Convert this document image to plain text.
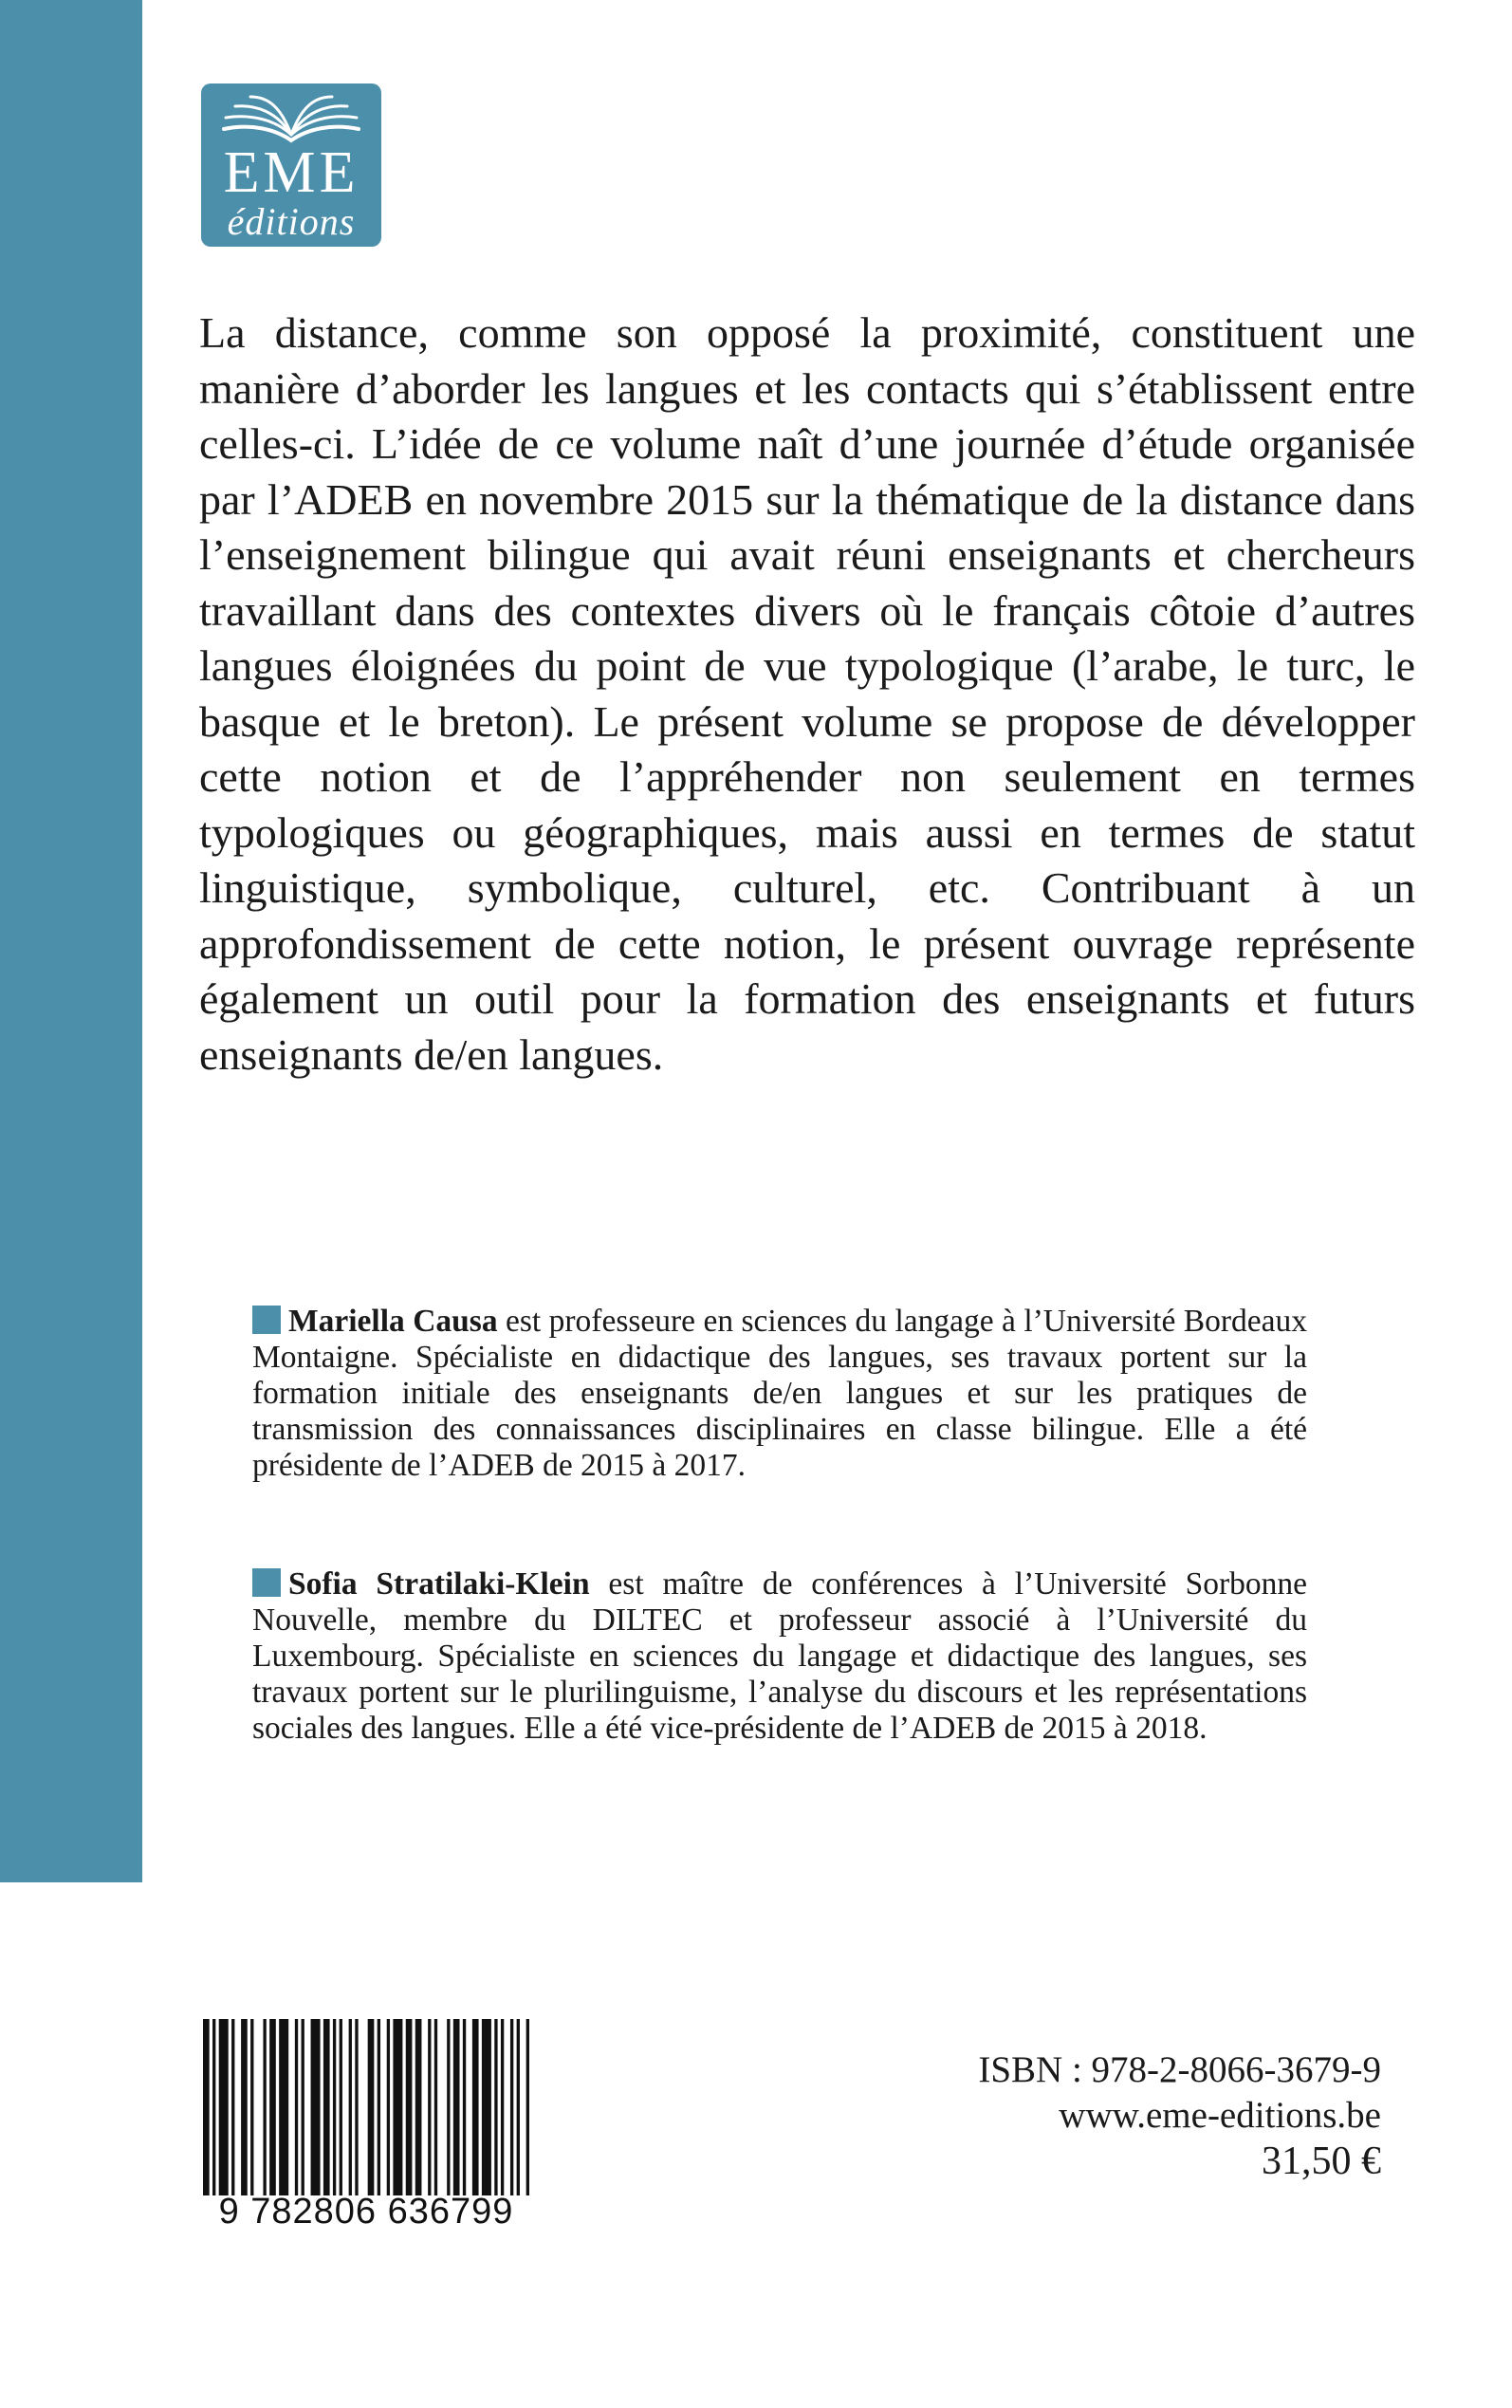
EME
éditions

La distance, comme son opposé la proximité, constituent une manière d’aborder les langues et les contacts qui s’établissent entre celles-ci. L’idée de ce volume naît d’une journée d’étude organisée par l’ADEB en novembre 2015 sur la thématique de la distance dans l’enseignement bilingue qui avait réuni enseignants et chercheurs travaillant dans des contextes divers où le français côtoie d’autres langues éloignées du point de vue typologique (l’arabe, le turc, le basque et le breton). Le présent volume se propose de développer cette notion et de l’appréhender non seulement en termes typologiques ou géographiques, mais aussi en termes de statut linguistique, symbolique, culturel, etc. Contribuant à un approfondissement de cette notion, le présent ouvrage représente également un outil pour la formation des enseignants et futurs enseignants de/en langues.

Mariella Causa est professeure en sciences du langage à l’Université Bordeaux Montaigne. Spécialiste en didactique des langues, ses travaux portent sur la formation initiale des enseignants de/en langues et sur les pratiques de transmission des connaissances disciplinaires en classe bilingue. Elle a été présidente de l’ADEB de 2015 à 2017.

Sofia Stratilaki-Klein est maître de conférences à l’Université Sorbonne Nouvelle, membre du DILTEC et professeur associé à l’Université du Luxembourg. Spécialiste en sciences du langage et didactique des langues, ses travaux portent sur le plurilinguisme, l’analyse du discours et les représentations sociales des langues. Elle a été vice-présidente de l’ADEB de 2015 à 2018.

9 782806 636799
ISBN : 978-2-8066-3679-9
www.eme-editions.be
31,50 €
